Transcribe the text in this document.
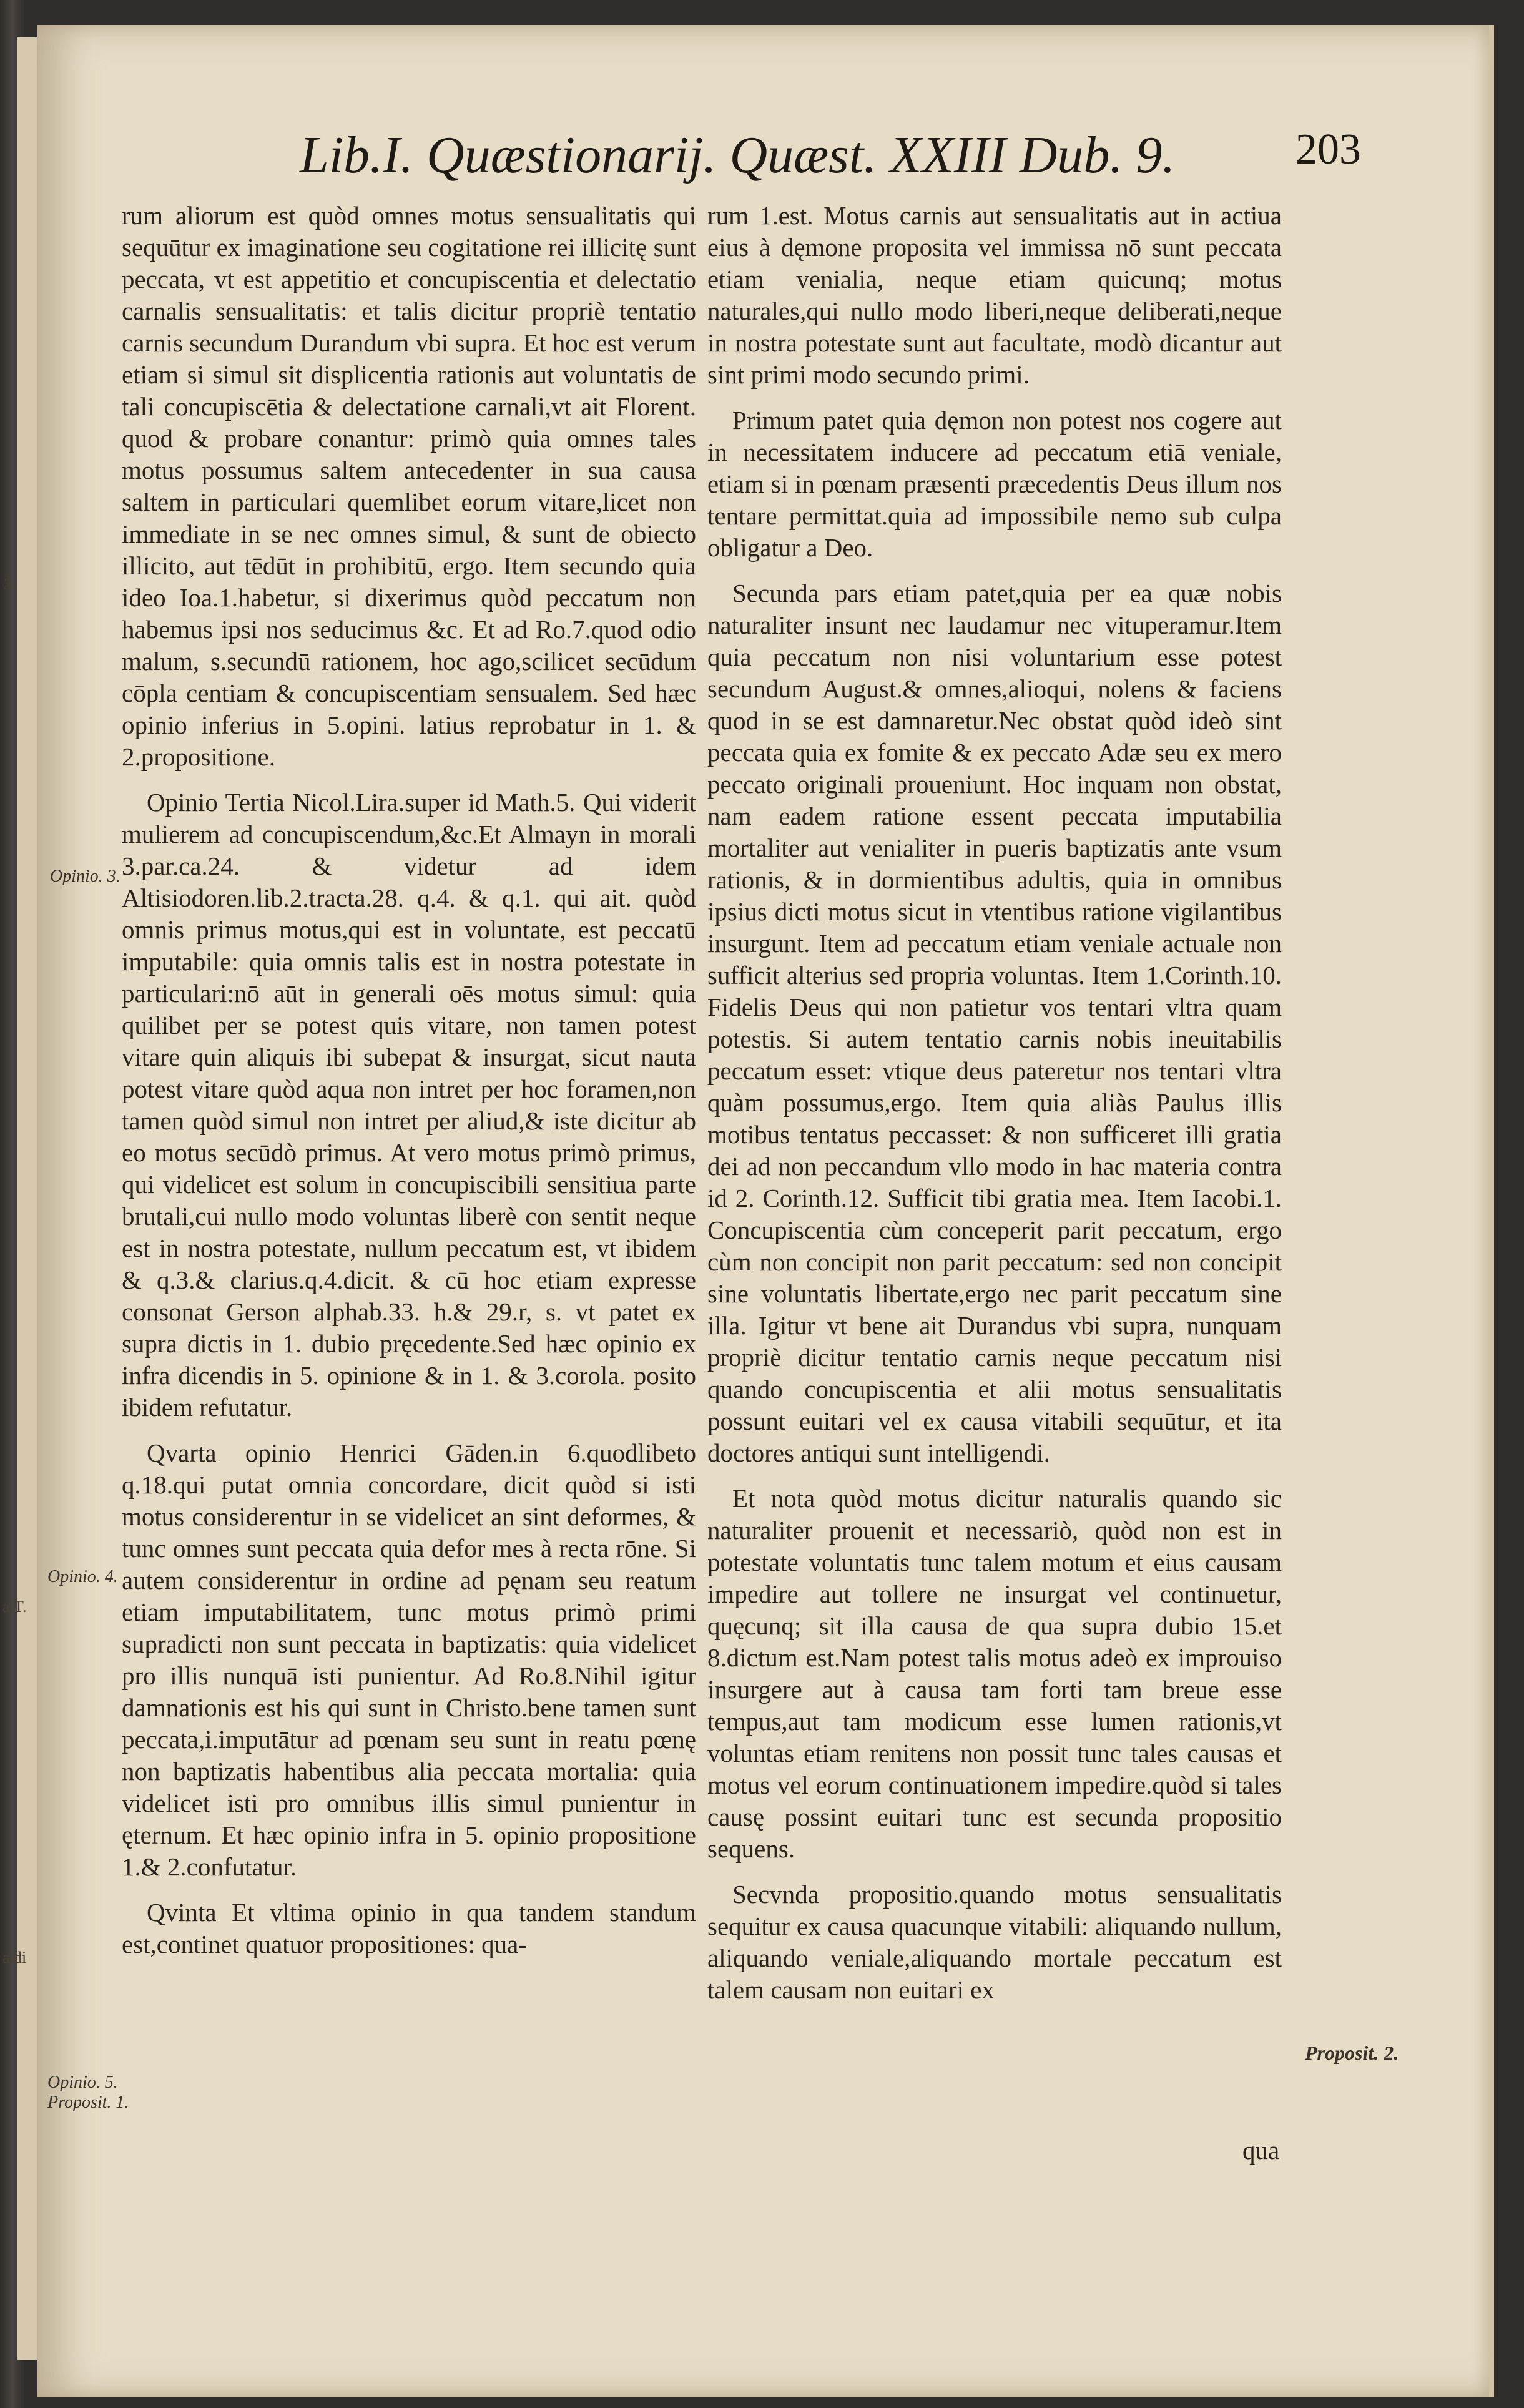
Lib.I. Quæstionarij. Quæst. XXIII Dub. 9.	203

rum aliorum est quòd omnes motus sensualitatis qui sequūtur ex imaginatione seu cogitatione rei illicitę sunt peccata, vt est appetitio et concupiscentia et delectatio carnalis sensualitatis: et talis dicitur propriè tentatio carnis secundum Durandum vbi supra. Et hoc est verum etiam si simul sit displicentia rationis aut voluntatis de tali concupiscētia & delectatione carnali,vt ait Florent. quod & probare conantur: primò quia omnes tales motus possumus saltem antecedenter in sua causa saltem in particulari quemlibet eorum vitare,licet non immediate in se nec omnes simul, & sunt de obiecto illicito, aut tēdūt in prohibitū, ergo. Item secundo quia ideo Ioa.1.habetur, si dixerimus quòd peccatum non habemus ipsi nos seducimus &c. Et ad Ro.7.quod odio malum, s.secundū rationem, hoc ago,scilicet secūdum cōpla centiam & concupiscentiam sensualem. Sed hæc opinio inferius in 5.opini. latius reprobatur in 1. & 2.propositione.

Opinio Tertia Nicol.Lira.super id Math.5. Qui viderit mulierem ad concupiscendum,&c.Et Almayn in morali 3.par.ca.24. & videtur ad idem Altisiodoren.lib.2.tracta.28. q.4. & q.1. qui ait. quòd omnis primus motus,qui est in voluntate, est peccatū imputabile: quia omnis talis est in nostra potestate in particulari:nō aūt in generali oēs motus simul: quia quilibet per se potest quis vitare, non tamen potest vitare quin aliquis ibi subepat & insurgat, sicut nauta potest vitare quòd aqua non intret per hoc foramen,non tamen quòd simul non intret per aliud,& iste dicitur ab eo motus secūdò primus. At vero motus primò primus, qui videlicet est solum in concupiscibili sensitiua parte brutali,cui nullo modo voluntas liberè con sentit neque est in nostra potestate, nullum peccatum est, vt ibidem & q.3.& clarius.q.4.dicit. & cū hoc etiam expresse consonat Gerson alphab.33. h.& 29.r, s. vt patet ex supra dictis in 1. dubio pręcedente.Sed hæc opinio ex infra dicendis in 5. opinione & in 1. & 3.corola. posito ibidem refutatur.

Qvarta opinio Henrici Gāden.in 6.quodlibeto q.18.qui putat omnia concordare, dicit quòd si isti motus considerentur in se videlicet an sint deformes, & tunc omnes sunt peccata quia defor mes à rectа rōne. Si autem considerentur in ordine ad pęnam seu reatum etiam imputabilitatem, tunc motus primò primi supradicti non sunt peccata in baptizatis: quia videlicet pro illis nunquā isti punientur. Ad Ro.8.Nihil igitur damnationis est his qui sunt in Christo.bene tamen sunt peccata,i.imputātur ad pœnam seu sunt in reatu pœnę non baptizatis habentibus alia peccata mortalia: quia videlicet isti pro omnibus illis simul punientur in ęternum. Et hæc opinio infra in 5. opinio propositione 1.& 2.confutatur.

Qvinta Et vltima opinio in qua tandem standum est,continet quatuor propositiones: qua-

rum 1.est. Motus carnis aut sensualitatis aut in actiua eius à dęmone proposita vel immissa nō sunt peccata etiam venialia, neque etiam quicunq; motus naturales,qui nullo modo liberi,neque deliberati,neque in nostra potestate sunt aut facultate, modò dicantur aut sint primi modo secundo primi.

Primum patet quia dęmon non potest nos cogere aut in necessitatem inducere ad peccatum etiā veniale, etiam si in pœnam præsenti præcedentis Deus illum nos tentare permittat.quia ad impossibile nemo sub culpa obligatur a Deo.

Secunda pars etiam patet,quia per ea quæ nobis naturaliter insunt nec laudamur nec vituperamur.Item quia peccatum non nisi voluntarium esse potest secundum August.& omnes,alioqui, nolens & faciens quod in se est damnaretur.Nec obstat quòd ideò sint peccata quia ex fomite & ex peccato Adæ seu ex mero peccato originali proueniunt. Hoc inquam non obstat, nam eadem ratione essent peccata imputabilia mortaliter aut venialiter in pueris baptizatis ante vsum rationis, & in dormientibus adultis, quia in omnibus ipsius dicti motus sicut in vtentibus ratione vigilantibus insurgunt. Item ad peccatum etiam veniale actuale non sufficit alterius sed propria voluntas. Item 1.Corinth.10. Fidelis Deus qui non patietur vos tentari vltra quam potestis. Si autem tentatio carnis nobis ineuitabilis peccatum esset: vtique deus pateretur nos tentari vltra quàm possumus,ergo. Item quia aliàs Paulus illis motibus tentatus peccasset: & non sufficeret illi gratia dei ad non peccandum vllo modo in hac materia contra id 2. Corinth.12. Sufficit tibi gratia mea. Item Iacobi.1. Concupiscentia cùm conceperit parit peccatum, ergo cùm non concipit non parit peccatum: sed non concipit sine voluntatis libertate,ergo nec parit peccatum sine illa. Igitur vt bene ait Durandus vbi supra, nunquam propriè dicitur tentatio carnis neque peccatum nisi quando concupiscentia et alii motus sensualitatis possunt euitari vel ex causa vitabili sequūtur, et ita doctores antiqui sunt intelligendi.

Et nota quòd motus dicitur naturalis quando sic naturaliter prouenit et necessariò, quòd non est in potestate voluntatis tunc talem motum et eius causam impedire aut tollere ne insurgat vel continuetur, quęcunq; sit illa causa de qua supra dubio 15.et 8.dictum est.Nam potest talis motus adeò ex improuiso insurgere aut à causa tam forti tam breue esse tempus,aut tam modicum esse lumen rationis,vt voluntas etiam renitens non possit tunc tales causas et motus vel eorum continuationem impedire.quòd si tales causę possint euitari tunc est secunda propositio sequens.

Secvnda propositio.quando motus sensualitatis sequitur ex causa quacunque vitabili: aliquando nullum, aliquando veniale,aliquando mortale peccatum est talem causam non euitari ex

qua
Opinio. 3.
Opinio. 4.
Opinio. 5.
Proposit. 1.
Proposit. 2.
3.
a.T.
a.di
